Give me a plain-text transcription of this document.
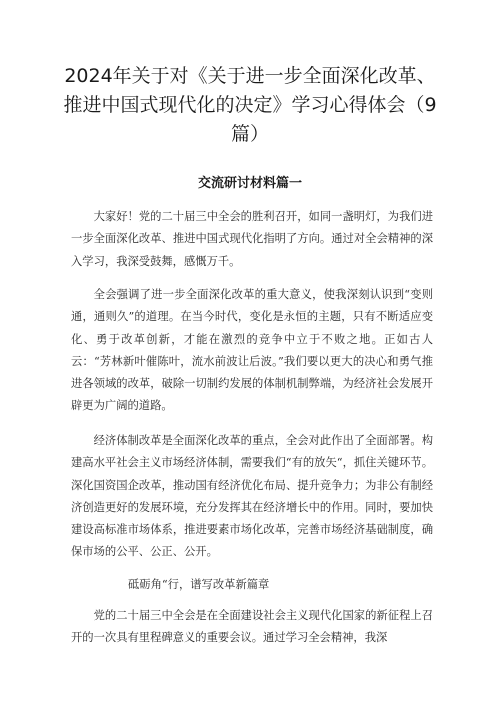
2024年关于对《关于进一步全面深化改革、推进中国式现代化的决定》学习心得体会（9篇）
交流研讨材料篇一

大家好！党的二十届三中全会的胜利召开，如同一盏明灯，为我们进一步全面深化改革、推进中国式现代化指明了方向。通过对全会精神的深入学习，我深受鼓舞，感慨万千。

全会强调了进一步全面深化改革的重大意义，使我深刻认识到“变则通，通则久”的道理。在当今时代，变化是永恒的主题，只有不断适应变化、勇于改革创新，才能在激烈的竞争中立于不败之地。正如古人云：“芳林新叶催陈叶，流水前波让后波。”我们要以更大的决心和勇气推进各领域的改革，破除一切制约发展的体制机制弊端，为经济社会发展开辟更为广阔的道路。

经济体制改革是全面深化改革的重点，全会对此作出了全面部署。构建高水平社会主义市场经济体制，需要我们“有的放矢“，抓住关键环节。深化国资国企改革，推动国有经济优化布局、提升竞争力；为非公有制经济创造更好的发展环境，充分发挥其在经济增长中的作用。同时，要加快建设高标准市场体系，推进要素市场化改革，完善市场经济基础制度，确保市场的公平、公正、公开。

砥砺角“行，谱写改革新篇章

党的二十届三中全会是在全面建设社会主义现代化国家的新征程上召开的一次具有里程碑意义的重要会议。通过学习全会精神，我深
